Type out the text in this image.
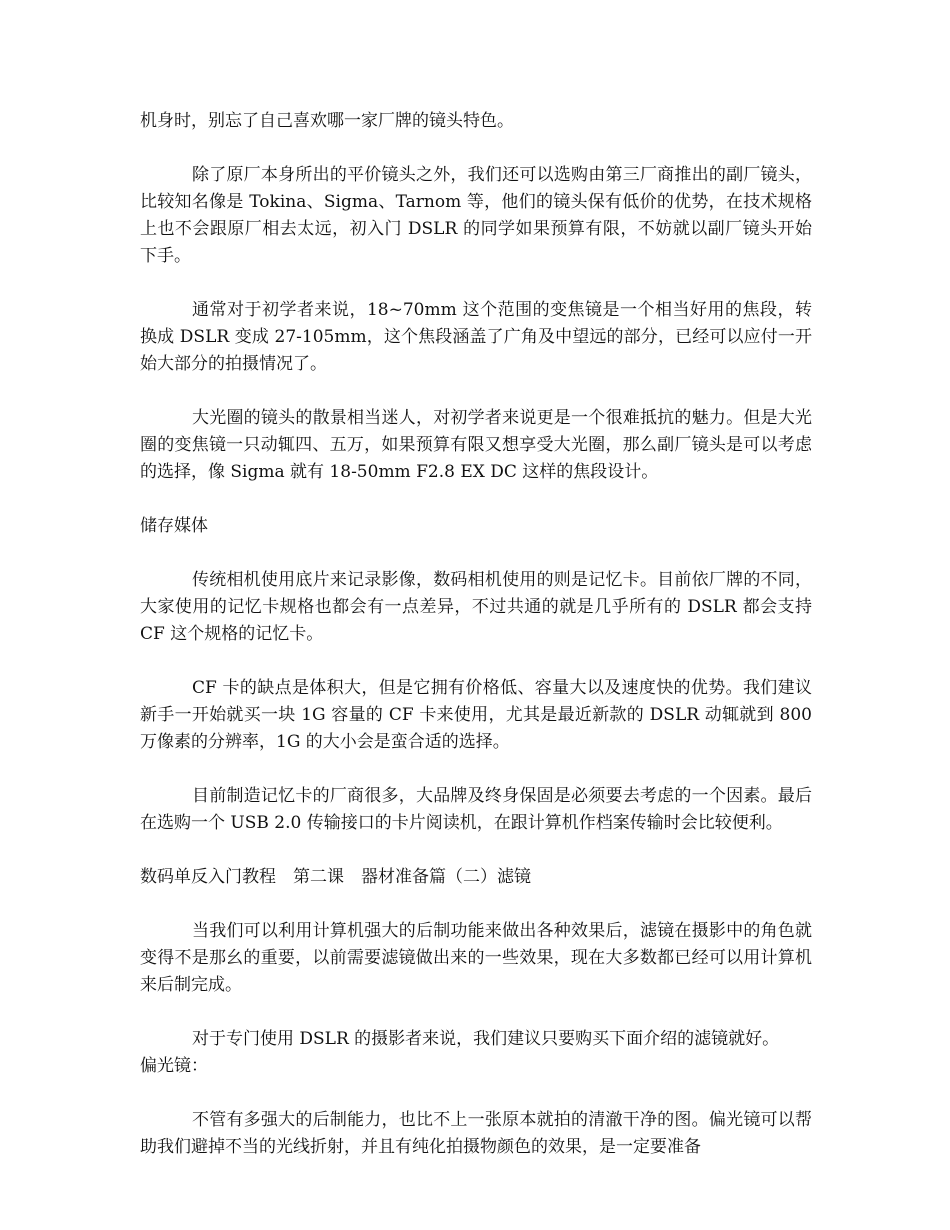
机身时，别忘了自己喜欢哪一家厂牌的镜头特色。

除了原厂本身所出的平价镜头之外，我们还可以选购由第三厂商推出的副厂镜头，比较知名像是 Tokina、Sigma、Tarnom 等，他们的镜头保有低价的优势，在技术规格上也不会跟原厂相去太远，初入门 DSLR 的同学如果预算有限，不妨就以副厂镜头开始下手。

通常对于初学者来说，18~70mm 这个范围的变焦镜是一个相当好用的焦段，转换成 DSLR 变成 27-105mm，这个焦段涵盖了广角及中望远的部分，已经可以应付一开始大部分的拍摄情况了。

大光圈的镜头的散景相当迷人，对初学者来说更是一个很难抵抗的魅力。但是大光圈的变焦镜一只动辄四、五万，如果预算有限又想享受大光圈，那么副厂镜头是可以考虑的选择，像 Sigma 就有 18-50mm F2.8 EX DC 这样的焦段设计。

储存媒体

传统相机使用底片来记录影像，数码相机使用的则是记忆卡。目前依厂牌的不同，大家使用的记忆卡规格也都会有一点差异，不过共通的就是几乎所有的 DSLR 都会支持 CF 这个规格的记忆卡。

CF 卡的缺点是体积大，但是它拥有价格低、容量大以及速度快的优势。我们建议新手一开始就买一块 1G 容量的 CF 卡来使用，尤其是最近新款的 DSLR 动辄就到 800 万像素的分辨率，1G 的大小会是蛮合适的选择。

目前制造记忆卡的厂商很多，大品牌及终身保固是必须要去考虑的一个因素。最后在选购一个 USB 2.0 传输接口的卡片阅读机，在跟计算机作档案传输时会比较便利。

数码单反入门教程　第二课　器材准备篇（二）滤镜

当我们可以利用计算机强大的后制功能来做出各种效果后，滤镜在摄影中的角色就变得不是那幺的重要，以前需要滤镜做出来的一些效果，现在大多数都已经可以用计算机来后制完成。

对于专门使用 DSLR 的摄影者来说，我们建议只要购买下面介绍的滤镜就好。

偏光镜：

不管有多强大的后制能力，也比不上一张原本就拍的清澈干净的图。偏光镜可以帮助我们避掉不当的光线折射，并且有纯化拍摄物颜色的效果，是一定要准备
